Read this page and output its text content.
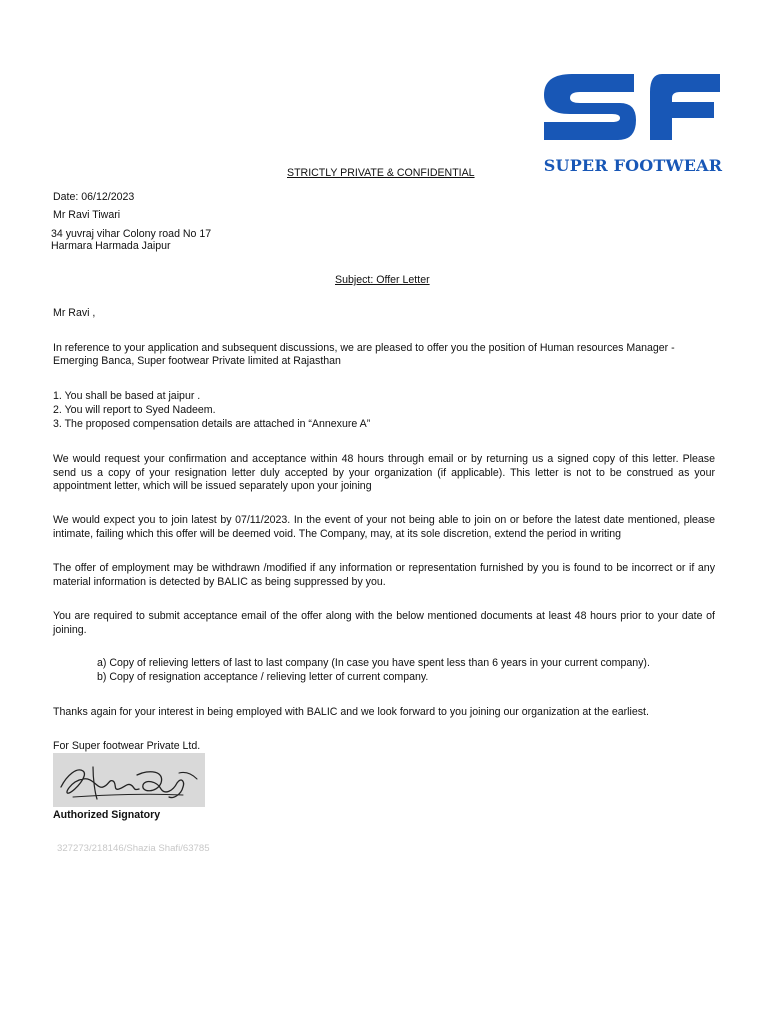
SUPER FOOTWEAR
STRICTLY PRIVATE & CONFIDENTIAL
Date: 06/12/2023
Mr Ravi Tiwari
34 yuvraj vihar Colony road No 17
Harmara Harmada Jaipur
Subject: Offer Letter
Mr Ravi ,
In reference to your application and subsequent discussions, we are pleased to offer you the position of Human resources Manager -
Emerging Banca, Super footwear Private limited at Rajasthan
1. You shall be based at jaipur .
2. You will report to Syed Nadeem.
3. The proposed compensation details are attached in “Annexure A”
We would request your confirmation and acceptance within 48 hours through email or by returning us a signed copy of this letter. Please send us a copy of your resignation letter duly accepted by your organization (if applicable). This letter is not to be construed as your appointment letter, which will be issued separately upon your joining
We would expect you to join latest by 07/11/2023. In the event of your not being able to join on or before the latest date mentioned, please intimate, failing which this offer will be deemed void. The Company, may, at its sole discretion, extend the period in writing
The offer of employment may be withdrawn /modified if any information or representation furnished by you is found to be incorrect or if any material information is detected by BALIC as being suppressed by you.
You are required to submit acceptance email of the offer along with the below mentioned documents at least 48 hours prior to your date of joining.
a) Copy of relieving letters of last to last company (In case you have spent less than 6 years in your current company).
b) Copy of resignation acceptance / relieving letter of current company.
Thanks again for your interest in being employed with BALIC and we look forward to you joining our organization at the earliest.
For Super footwear Private Ltd.
Authorized Signatory
327273/218146/Shazia Shafi/63785
